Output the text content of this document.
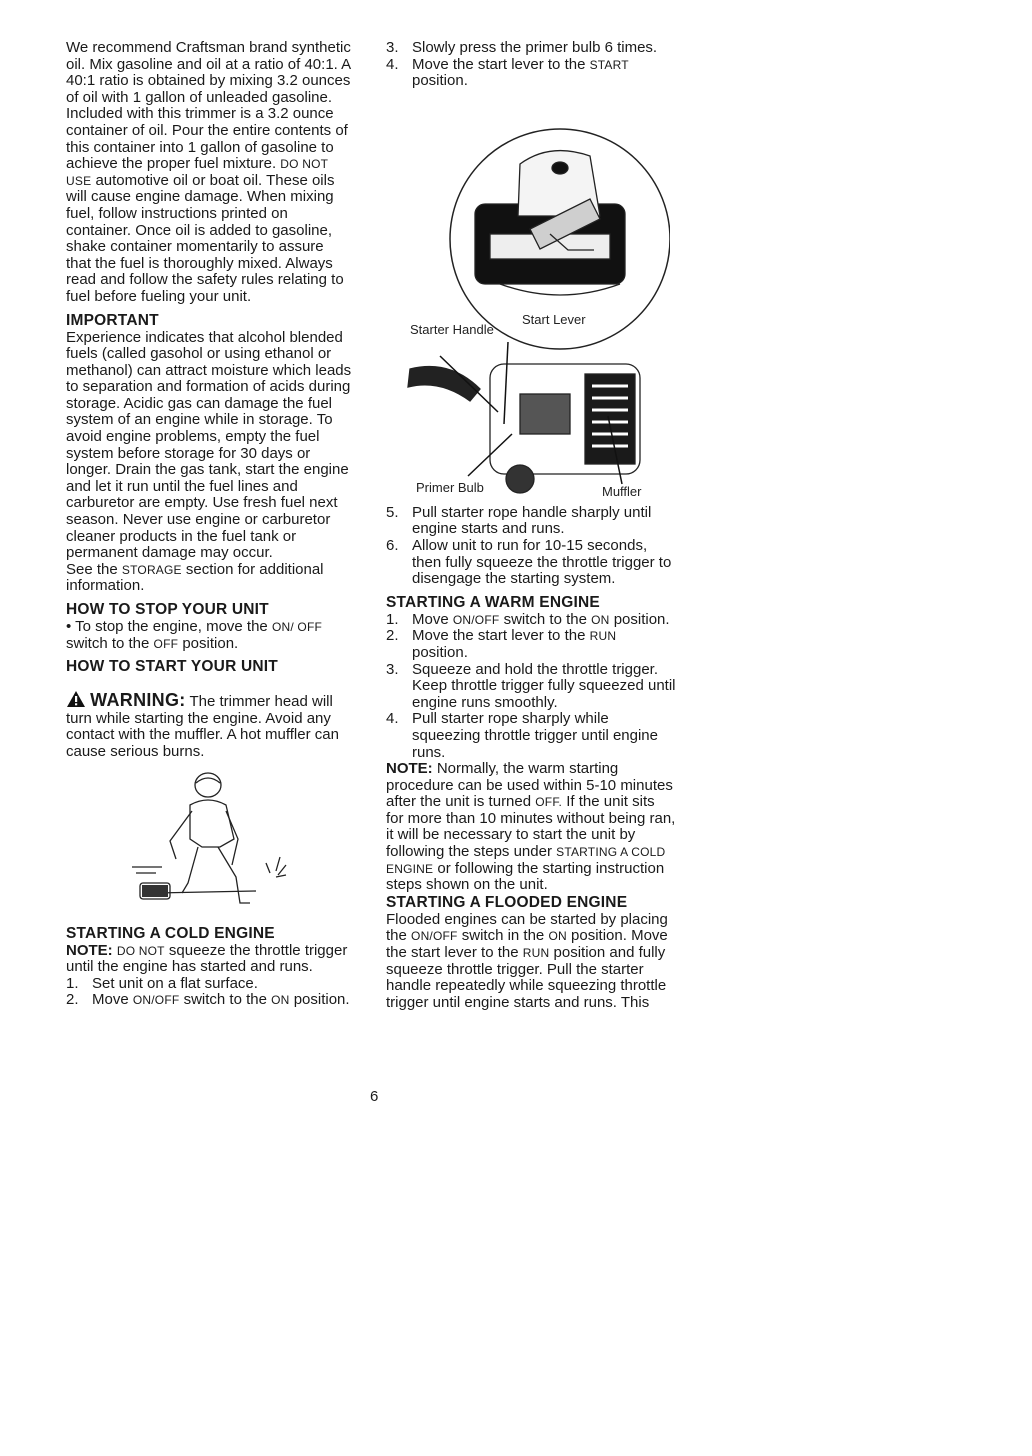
We recommend Craftsman brand synthetic oil. Mix gasoline and oil at a ratio of 40:1. A 40:1 ratio is obtained by mixing 3.2 ounces of oil with 1 gallon of unleaded gasoline. Included with this trimmer is a 3.2 ounce container of oil. Pour the entire contents of this container into 1 gallon of gasoline to achieve the proper fuel mixture. DO NOT USE automotive oil or boat oil. These oils will cause engine damage. When mixing fuel, follow instructions printed on container. Once oil is added to gasoline, shake container momentarily to assure that the fuel is thoroughly mixed. Always read and follow the safety rules relating to fuel before fueling your unit.

IMPORTANT

Experience indicates that alcohol blended fuels (called gasohol or using ethanol or methanol) can attract moisture which leads to separation and formation of acids during storage. Acidic gas can damage the fuel system of an engine while in storage. To avoid engine problems, empty the fuel system before storage for 30 days or longer. Drain the gas tank, start the engine and let it run until the fuel lines and carburetor are empty. Use fresh fuel next season. Never use engine or carburetor cleaner products in the fuel tank or permanent damage may occur.

See the STORAGE section for additional information.

HOW TO STOP YOUR UNIT

• To stop the engine, move the ON/ OFF switch to the OFF position.

HOW TO START YOUR UNIT

WARNING: The trimmer head will turn while starting the engine. Avoid any contact with the muffler. A hot muffler can cause serious burns.

STARTING A COLD ENGINE

NOTE: DO NOT squeeze the throttle trigger until the engine has started and runs.

1. Set unit on a flat surface.
2. Move ON/OFF switch to the ON position.
3. Slowly press the primer bulb 6 times.
4. Move the start lever to the START position.
Starter Handle
Start Lever
Primer Bulb	Muffler
5. Pull starter rope handle sharply until engine starts and runs.
6. Allow unit to run for 10-15 seconds, then fully squeeze the throttle trigger to disengage the starting system.
STARTING A WARM ENGINE
1. Move ON/OFF switch to the ON position.
2. Move the start lever to the RUN position.
3. Squeeze and hold the throttle trigger. Keep throttle trigger fully squeezed until engine runs smoothly.
4. Pull starter rope sharply while squeezing throttle trigger until engine runs.

NOTE: Normally, the warm starting procedure can be used within 5-10 minutes after the unit is turned OFF. If the unit sits for more than 10 minutes without being ran, it will be necessary to start the unit by following the steps under STARTING A COLD ENGINE or following the starting instruction steps shown on the unit.

STARTING A FLOODED ENGINE

Flooded engines can be started by placing the ON/OFF switch in the ON position. Move the start lever to the RUN position and fully squeeze throttle trigger. Pull the starter handle repeatedly while squeezing throttle trigger until engine starts and runs. This

6
